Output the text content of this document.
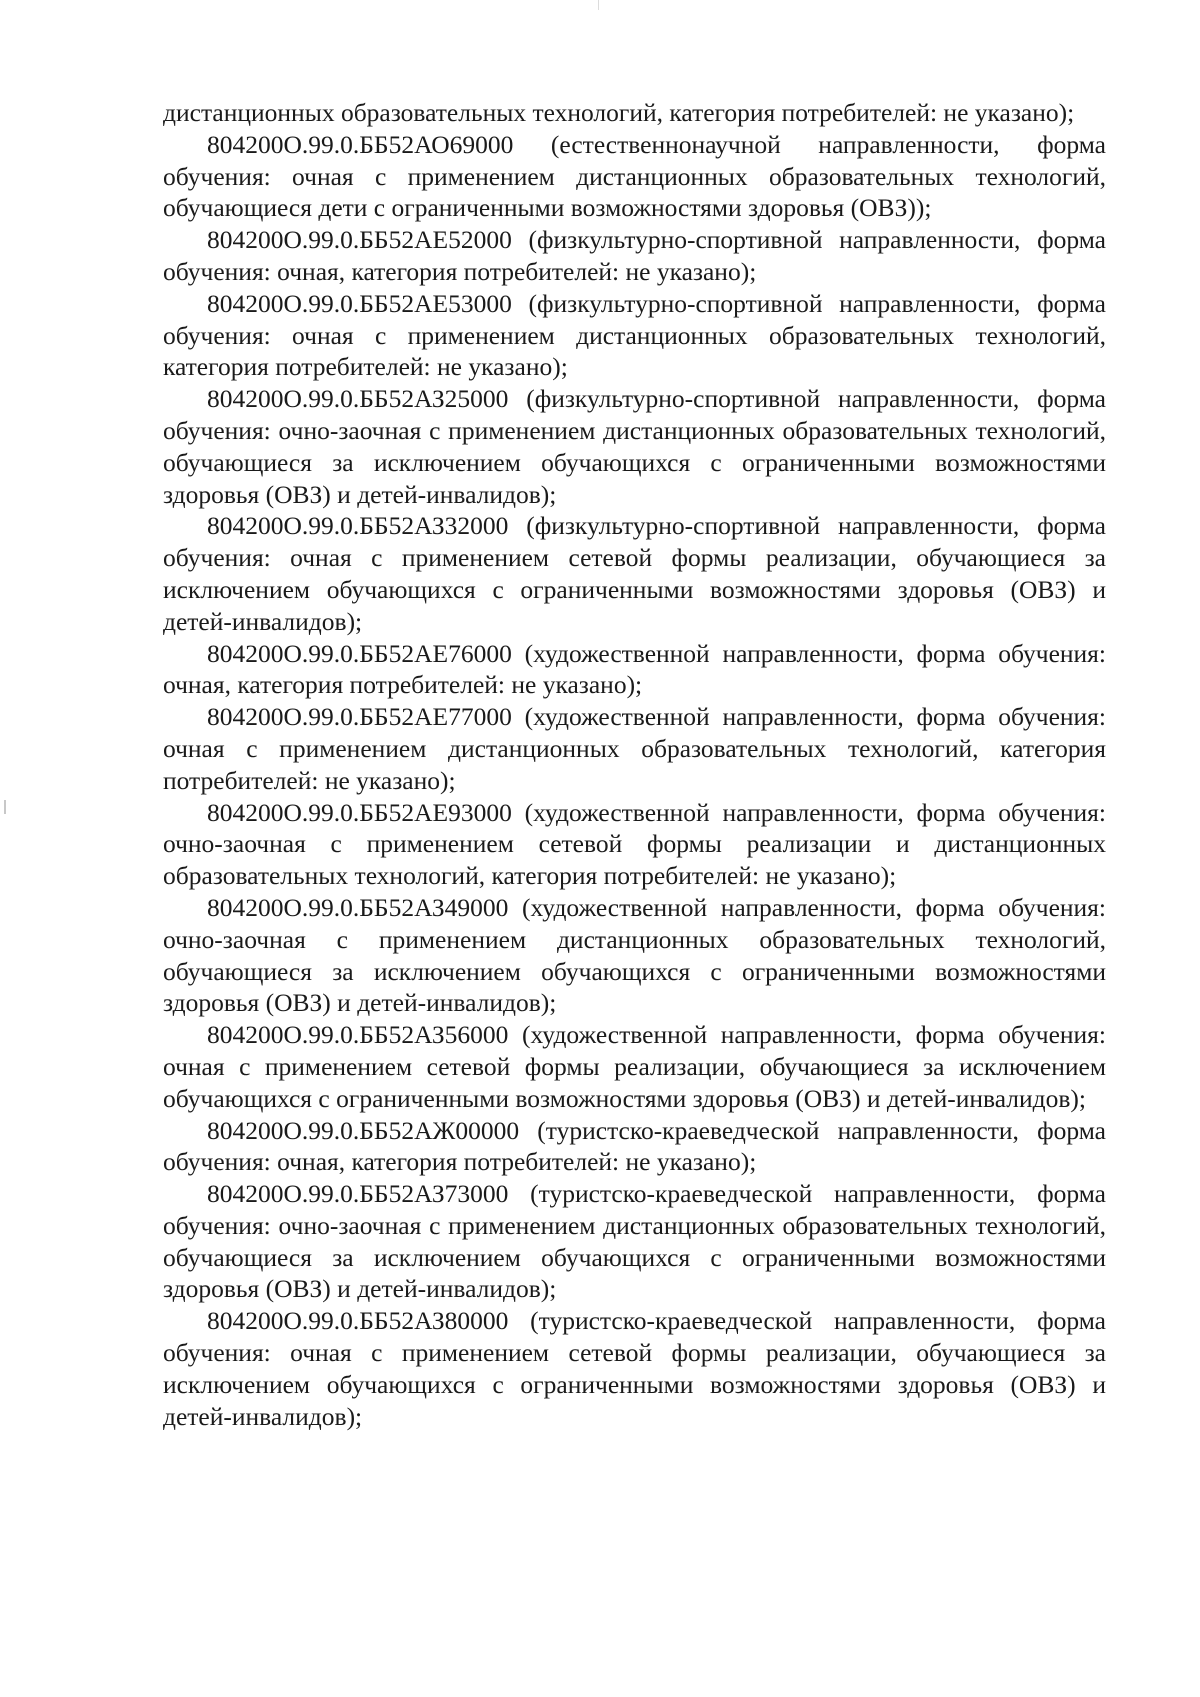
дистанционных образовательных технологий, категория потребителей: не указано);

804200О.99.0.ББ52АО69000 (естественнонаучной направленности, форма обучения: очная с применением дистанционных образовательных технологий, обучающиеся дети с ограниченными возможностями здоровья (ОВЗ));

804200О.99.0.ББ52АЕ52000 (физкультурно-спортивной направленности, форма обучения: очная, категория потребителей: не указано);

804200О.99.0.ББ52АЕ53000 (физкультурно-спортивной направленности, форма обучения: очная с применением дистанционных образовательных технологий, категория потребителей: не указано);

804200О.99.0.ББ52АЗ25000 (физкультурно-спортивной направленности, форма обучения: очно-заочная с применением дистанционных образовательных технологий, обучающиеся за исключением обучающихся с ограниченными возможностями здоровья (ОВЗ) и детей-инвалидов);

804200О.99.0.ББ52АЗ32000 (физкультурно-спортивной направленности, форма обучения: очная с применением сетевой формы реализации, обучающиеся за исключением обучающихся с ограниченными возможностями здоровья (ОВЗ) и детей-инвалидов);

804200О.99.0.ББ52АЕ76000 (художественной направленности, форма обучения: очная, категория потребителей: не указано);

804200О.99.0.ББ52АЕ77000 (художественной направленности, форма обучения: очная с применением дистанционных образовательных технологий, категория потребителей: не указано);

804200О.99.0.ББ52АЕ93000 (художественной направленности, форма обучения: очно-заочная с применением сетевой формы реализации и дистанционных образовательных технологий, категория потребителей: не указано);

804200О.99.0.ББ52АЗ49000 (художественной направленности, форма обучения: очно-заочная с применением дистанционных образовательных технологий, обучающиеся за исключением обучающихся с ограниченными возможностями здоровья (ОВЗ) и детей-инвалидов);

804200О.99.0.ББ52АЗ56000 (художественной направленности, форма обучения: очная с применением сетевой формы реализации, обучающиеся за исключением обучающихся с ограниченными возможностями здоровья (ОВЗ) и детей-инвалидов);

804200О.99.0.ББ52АЖ00000 (туристско-краеведческой направленности, форма обучения: очная, категория потребителей: не указано);

804200О.99.0.ББ52АЗ73000 (туристско-краеведческой направленности, форма обучения: очно-заочная с применением дистанционных образовательных технологий, обучающиеся за исключением обучающихся с ограниченными возможностями здоровья (ОВЗ) и детей-инвалидов);

804200О.99.0.ББ52АЗ80000 (туристско-краеведческой направленности, форма обучения: очная с применением сетевой формы реализации, обучающиеся за исключением обучающихся с ограниченными возможностями здоровья (ОВЗ) и детей-инвалидов);
